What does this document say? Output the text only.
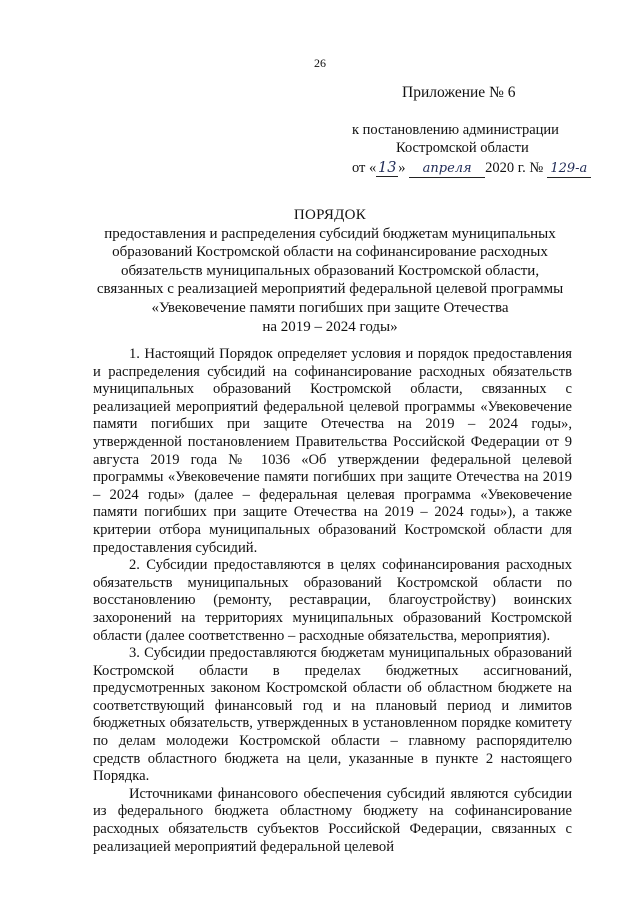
26
Приложение № 6
к постановлению администрации
Костромской области
от « 13 » апреля 2020 г. № 129-а
ПОРЯДОК
предоставления и распределения субсидий бюджетам муниципальных
образований Костромской области на софинансирование расходных
обязательств муниципальных образований Костромской области,
связанных с реализацией мероприятий федеральной целевой программы
«Увековечение памяти погибших при защите Отечества
на 2019 – 2024 годы»

1. Настоящий Порядок определяет условия и порядок предоставления и распределения субсидий на софинансирование расходных обязательств муниципальных образований Костромской области, связанных с реализацией мероприятий федеральной целевой программы «Увековечение памяти погибших при защите Отечества на 2019 – 2024 годы», утвержденной постановлением Правительства Российской Федерации от 9 августа 2019 года № 1036 «Об утверждении федеральной целевой программы «Увековечение памяти погибших при защите Отечества на 2019 – 2024 годы» (далее – федеральная целевая программа «Увековечение памяти погибших при защите Отечества на 2019 – 2024 годы»), а также критерии отбора муниципальных образований Костромской области для предоставления субсидий.

2. Субсидии предоставляются в целях софинансирования расходных обязательств муниципальных образований Костромской области по восстановлению (ремонту, реставрации, благоустройству) воинских захоронений на территориях муниципальных образований Костромской области (далее соответственно – расходные обязательства, мероприятия).

3. Субсидии предоставляются бюджетам муниципальных образований Костромской области в пределах бюджетных ассигнований, предусмотренных законом Костромской области об областном бюджете на соответствующий финансовый год и на плановый период и лимитов бюджетных обязательств, утвержденных в установленном порядке комитету по делам молодежи Костромской области – главному распорядителю средств областного бюджета на цели, указанные в пункте 2 настоящего Порядка.

Источниками финансового обеспечения субсидий являются субсидии из федерального бюджета областному бюджету на софинансирование расходных обязательств субъектов Российской Федерации, связанных с реализацией мероприятий федеральной целевой
